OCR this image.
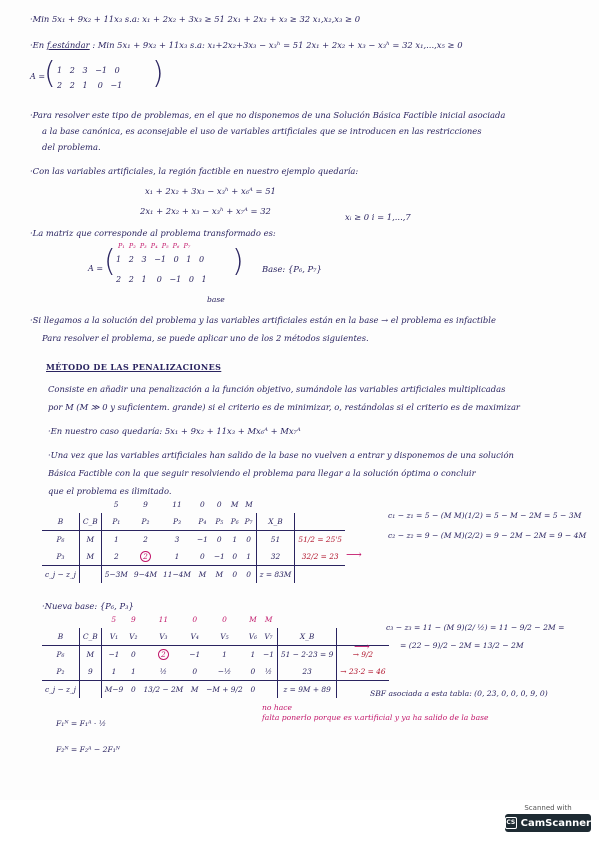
·Min 5x₁ + 9x₂ + 11x₃ s.a: x₁ + 2x₂ + 3x₃ ≥ 51 2x₁ + 2x₂ + x₃ ≥ 32 x₁,x₂,x₃ ≥ 0
·En f.estándar : Min 5x₁ + 9x₂ + 11x₃ s.a: x₁+2x₂+3x₃ − x₃ʰ = 51 2x₁ + 2x₂ + x₃ − x₃ʰ = 32 x₁,...,x₅ ≥ 0
A =
( 1   2   3   −1   0
2   2   1    0   −1 )
·Para resolver este tipo de problemas, en el que no disponemos de una Solución Básica Factible inicial asociada
a la base canónica, es aconsejable el uso de variables artificiales que se introducen en las restricciones
del problema.
·Con las variables artificiales, la región factible en nuestro ejemplo quedaría:
x₁ + 2x₂ + 3x₃ − x₃ʰ + x₆ᴬ = 51
2x₁ + 2x₂ + x₃ − x₃ʰ + x₇ᴬ = 32
xᵢ ≥ 0 i = 1,...,7
·La matriz que corresponde al problema transformado es:
P₁  P₂  P₃  P₄  P₅  P₆  P₇
A = ( 1   2   3   −1   0   1   0
2   2   1    0   −1   0   1
)
base
Base: {P₆, P₇}
·Si llegamos a la solución del problema y las variables artificiales están en la base → el problema es infactible
Para resolver el problema, se puede aplicar uno de los 2 métodos siguientes.
MÉTODO DE LAS PENALIZACIONES
Consiste en añadir una penalización a la función objetivo, sumándole las variables artificiales multiplicadas
por M (M ≫ 0 y suficientem. grande) si el criterio es de minimizar, o, restándolas si el criterio es de maximizar
·En nuestro caso quedaría: 5x₁ + 9x₂ + 11x₃ + Mx₆ᴬ + Mx₇ᴬ
·Una vez que las variables artificiales han salido de la base no vuelven a entrar y disponemos de una solución
Básica Factible con la que seguir resolviendo el problema para llegar a la solución óptima o concluir
que el problema es ilimitado.
		5	9	11	0	0	M	M		
B	C_B	P₁	P₂	P₃	P₄	P₅	P₆	P₇	X_B	
P₆	M	1	2	3	−1	0	1	0	51	51/2 = 25'5
P₃	M	2	2	1	0	−1	0	1	32	32/2 = 23
c_j − z_j		5−3M	9−4M	11−4M	M	M	0	0	z = 83M	
⟶
c₁ − z₁ = 5 − (M M)(1/2) = 5 − M − 2M = 5 − 3M
c₂ − z₂ = 9 − (M M)(2/2) = 9 − 2M − 2M = 9 − 4M
·Nueva base: {P₆, P₃}
		5	9	11	0	0	M	M		
B	C_B	V₁	V₂	V₃	V₄	V₅	V₆	V₇	X_B	
P₆	M	−1	0	2	−1	1	1	−1	51 − 2·23 = 9	→ 9/2
P₂	9	1	1	½	0	−½	0	½	23	→ 23·2 = 46
c_j − z_j		M−9	0	13/2 − 2M	M	−M + 9/2	0		z = 9M + 89	
⟶
c₃ − z₃ = 11 − (M 9)(2/ ½) = 11 − 9/2 − 2M =
= (22 − 9)/2 − 2M = 13/2 − 2M
SBF asociada a esta tabla: (0, 23, 0, 0, 0, 9, 0)
no hace
falta ponerlo porque es v.artificial y ya ha salido de la base
F₁ᴺ = F₁ᴬ · ½
F₂ᴺ = F₂ᴬ − 2F₁ᴺ
Scanned with
CS CamScanner
